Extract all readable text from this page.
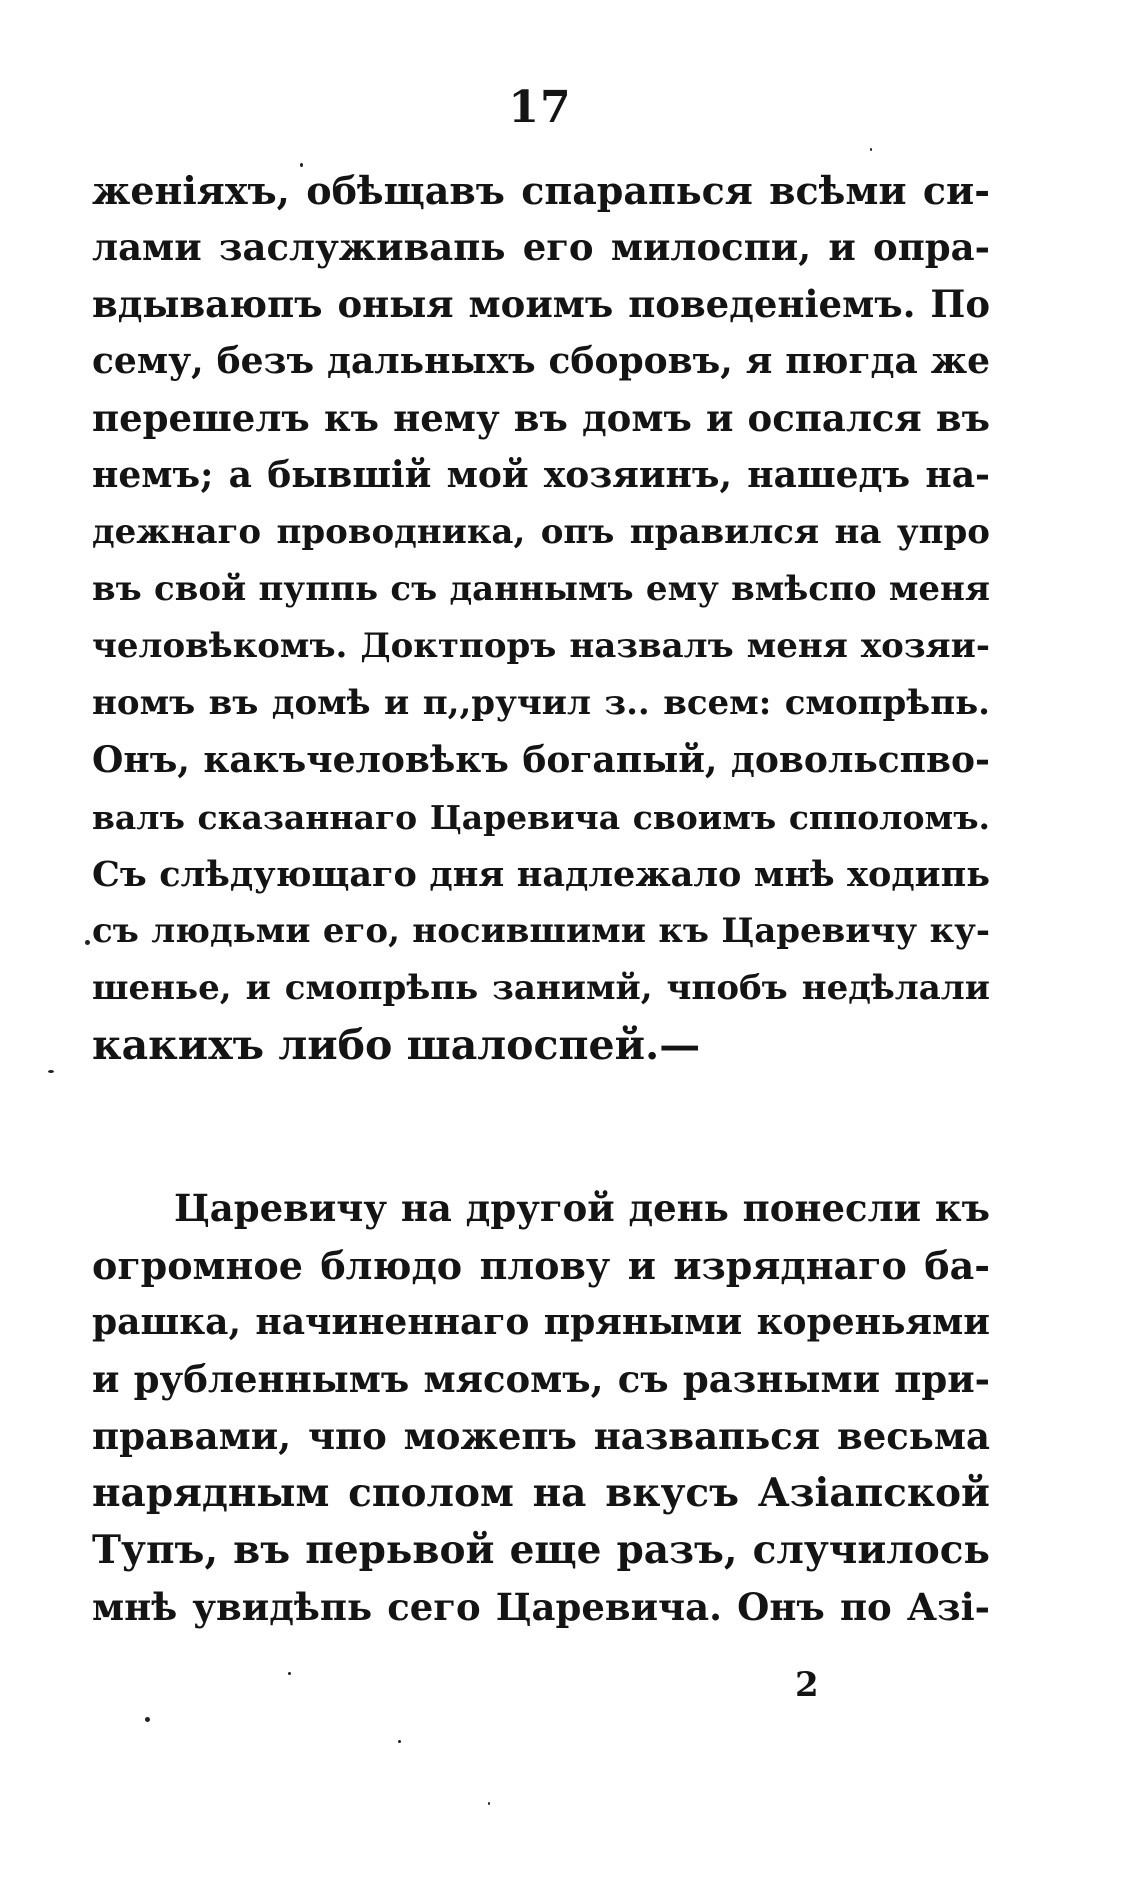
17
женіяхъ, обѣщавъ спарапься всѣми си-
лами заслуживапь его милоспи, и опра-
вдываюпъ оныя моимъ поведеніемъ. По
сему, безъ дальныхъ сборовъ, я пюгда же
перешелъ къ нему въ домъ и оспался въ
немъ; а бывшій мой хозяинъ, нашедъ на-
дежнаго проводника, опъ правился на упро
въ свой пуппь съ даннымъ ему вмѣспо меня
человѣкомъ. Доктпоръ назвалъ меня хозяи-
номъ въ домѣ и п,,ручил з.. всем: смопрѣпь.
Онъ, какъчеловѣкъ богапый, довольспво-
валъ сказаннаго Царевича своимъ спполомъ.
Съ слѣдующаго дня надлежало мнѣ ходипь
съ людьми его, носившими къ Царевичу ку-
шенье, и смопрѣпь занимй, чпобъ недѣлали
какихъ либо шалоспей.—
Царевичу на другой день понесли къ
огромное блюдо плову и изряднаго ба-
рашка, начиненнаго пряными кореньями
и рубленнымъ мясомъ, съ разными при-
правами, чпо можепъ назвапься весьма
нарядным сполом на вкусъ Азіапской
Тупъ, въ перьвой еще разъ, случилось
мнѣ увидѣпь сего Царевича. Онъ по Азі-
2
